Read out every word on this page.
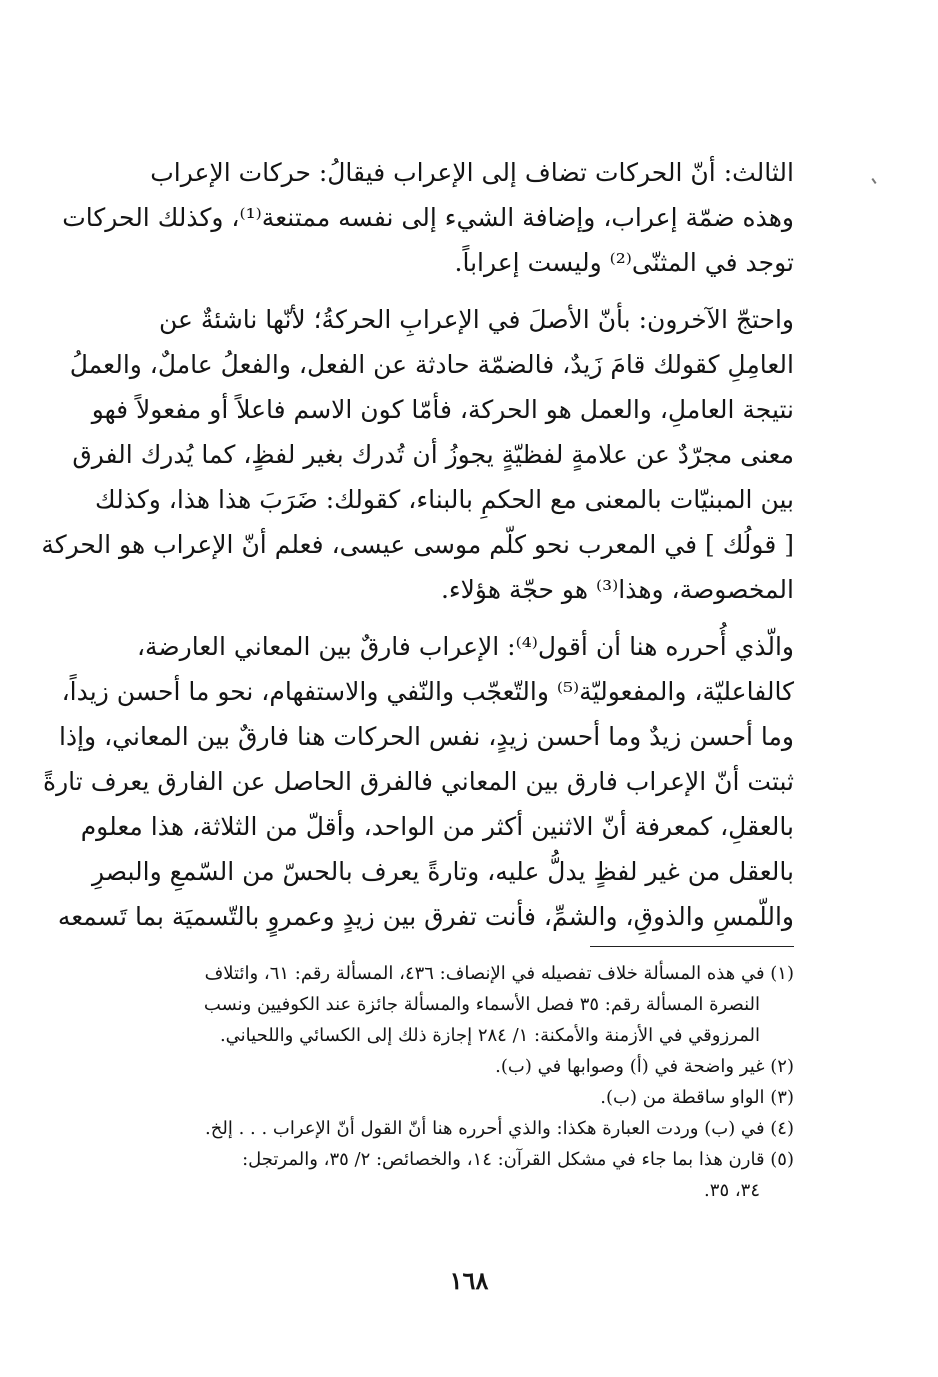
الثالث: أنّ الحركات تضاف إلى الإعراب فيقالُ: حركات الإعراب
وهذه ضمّة إعراب، وإضافة الشيء إلى نفسه ممتنعة⁽¹⁾، وكذلك الحركات
توجد في المثنّى⁽²⁾ وليست إعراباً.

واحتجّ الآخرون: بأنّ الأصلَ في الإعرابِ الحركةُ؛ لأنّها ناشئةٌ عن
العامِلِ كقولك قامَ زَيدٌ، فالضمّة حادثة عن الفعل، والفعلُ عاملٌ، والعملُ
نتيجة العاملِ، والعمل هو الحركة، فأمّا كون الاسم فاعلاً أو مفعولاً فهو
معنى مجرّدٌ عن علامةٍ لفظيّةٍ يجوزُ أن تُدرك بغير لفظٍ، كما يُدرك الفرق
بين المبنيّات بالمعنى مع الحكمِ بالبناء، كقولك: ضَرَبَ هذا هذا، وكذلك
[ قولُك ] في المعرب نحو كلّم موسى عيسى، فعلم أنّ الإعراب هو الحركة
المخصوصة، وهذا⁽³⁾ هو حجّة هؤلاء.

والّذي أُحرره هنا أن أقول⁽⁴⁾: الإعراب فارقٌ بين المعاني العارضة،
كالفاعليّة، والمفعوليّة⁽⁵⁾ والتّعجّب والنّفي والاستفهام، نحو ما أحسن زيداً،
وما أحسن زيدٌ وما أحسن زيدٍ، نفس الحركات هنا فارقٌ بين المعاني، وإذا
ثبتت أنّ الإعراب فارق بين المعاني فالفرق الحاصل عن الفارق يعرف تارةً
بالعقلِ، كمعرفة أنّ الاثنين أكثر من الواحد، وأقلّ من الثلاثة، هذا معلوم
بالعقل من غير لفظٍ يدلُّ عليه، وتارةً يعرف بالحسّ من السّمعِ والبصرِ
واللّمسِ والذوقِ، والشمِّ، فأنت تفرق بين زيدٍ وعمروٍ بالتّسميَة بما تَسمعه

(١) في هذه المسألة خلاف تفصيله في الإنصاف: ٤٣٦، المسألة رقم: ٦١، وائتلاف
النصرة المسألة رقم: ٣٥ فصل الأسماء والمسألة جائزة عند الكوفيين ونسب
المرزوقي في الأزمنة والأمكنة: ١/ ٢٨٤ إجازة ذلك إلى الكسائي واللحياني.
(٢) غير واضحة في (أ) وصوابها في (ب).
(٣) الواو ساقطة من (ب).
(٤) في (ب) وردت العبارة هكذا: والذي أحرره هنا أنّ القول أنّ الإعراب . . . إلخ.
(٥) قارن هذا بما جاء في مشكل القرآن: ١٤، والخصائص: ٢/ ٣٥، والمرتجل:
٣٤، ٣٥.
١٦٨
